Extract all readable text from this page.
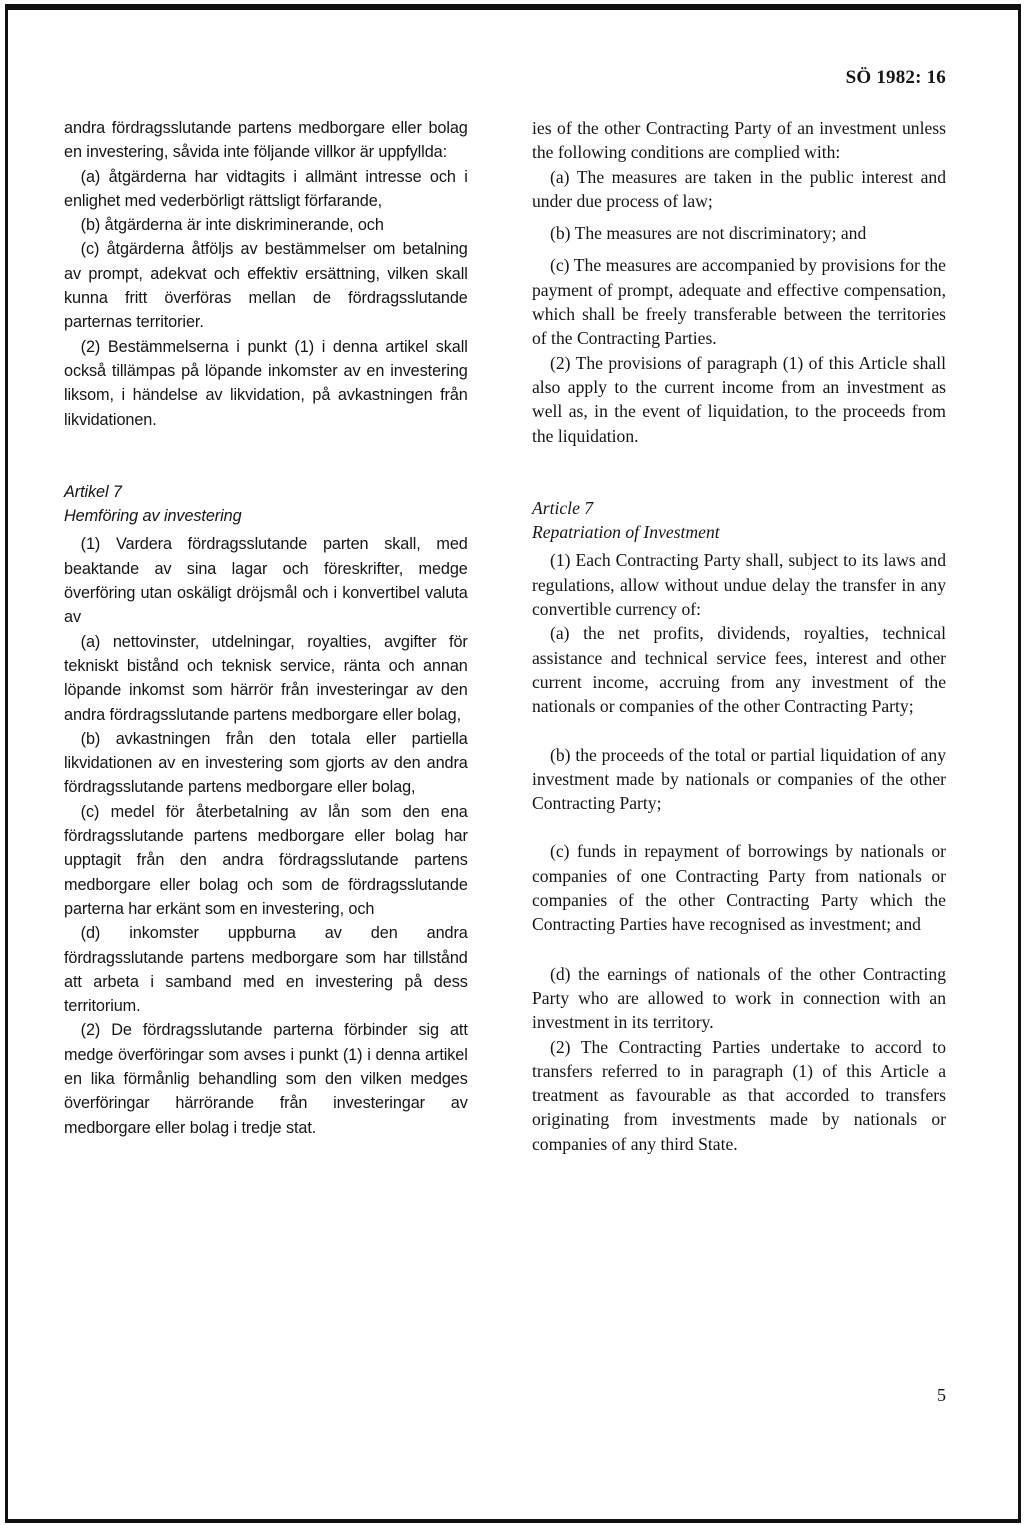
SÖ 1982: 16

andra fördragsslutande partens medborgare eller bolag en investering, såvida inte följande villkor är uppfyllda:

(a) åtgärderna har vidtagits i allmänt intresse och i enlighet med vederbörligt rättsligt förfarande,

(b) åtgärderna är inte diskriminerande, och

(c) åtgärderna åtföljs av bestämmelser om betalning av prompt, adekvat och effektiv ersättning, vilken skall kunna fritt överföras mellan de fördragsslutande parternas territorier.

(2) Bestämmelserna i punkt (1) i denna artikel skall också tillämpas på löpande inkomster av en investering liksom, i händelse av likvidation, på avkastningen från likvidationen.

Artikel 7

Hemföring av investering

(1) Vardera fördragsslutande parten skall, med beaktande av sina lagar och föreskrifter, medge överföring utan oskäligt dröjsmål och i konvertibel valuta av

(a) nettovinster, utdelningar, royalties, avgifter för tekniskt bistånd och teknisk service, ränta och annan löpande inkomst som härrör från investeringar av den andra fördragsslutande partens medborgare eller bolag,

(b) avkastningen från den totala eller partiella likvidationen av en investering som gjorts av den andra fördragsslutande partens medborgare eller bolag,

(c) medel för återbetalning av lån som den ena fördragsslutande partens medborgare eller bolag har upptagit från den andra fördragsslutande partens medborgare eller bolag och som de fördragsslutande parterna har erkänt som en investering, och

(d) inkomster uppburna av den andra fördragsslutande partens medborgare som har tillstånd att arbeta i samband med en investering på dess territorium.

(2) De fördragsslutande parterna förbinder sig att medge överföringar som avses i punkt (1) i denna artikel en lika förmånlig behandling som den vilken medges överföringar härrörande från investeringar av medborgare eller bolag i tredje stat.

ies of the other Contracting Party of an investment unless the following conditions are complied with:

(a) The measures are taken in the public interest and under due process of law;

(b) The measures are not discriminatory; and

(c) The measures are accompanied by provisions for the payment of prompt, adequate and effective compensation, which shall be freely transferable between the territories of the Contracting Parties.

(2) The provisions of paragraph (1) of this Article shall also apply to the current income from an investment as well as, in the event of liquidation, to the proceeds from the liquidation.

Article 7

Repatriation of Investment

(1) Each Contracting Party shall, subject to its laws and regulations, allow without undue delay the transfer in any convertible currency of:

(a) the net profits, dividends, royalties, technical assistance and technical service fees, interest and other current income, accruing from any investment of the nationals or companies of the other Contracting Party;

(b) the proceeds of the total or partial liquidation of any investment made by nationals or companies of the other Contracting Party;

(c) funds in repayment of borrowings by nationals or companies of one Contracting Party from nationals or companies of the other Contracting Party which the Contracting Parties have recognised as investment; and

(d) the earnings of nationals of the other Contracting Party who are allowed to work in connection with an investment in its territory.

(2) The Contracting Parties undertake to accord to transfers referred to in paragraph (1) of this Article a treatment as favourable as that accorded to transfers originating from investments made by nationals or companies of any third State.

5
